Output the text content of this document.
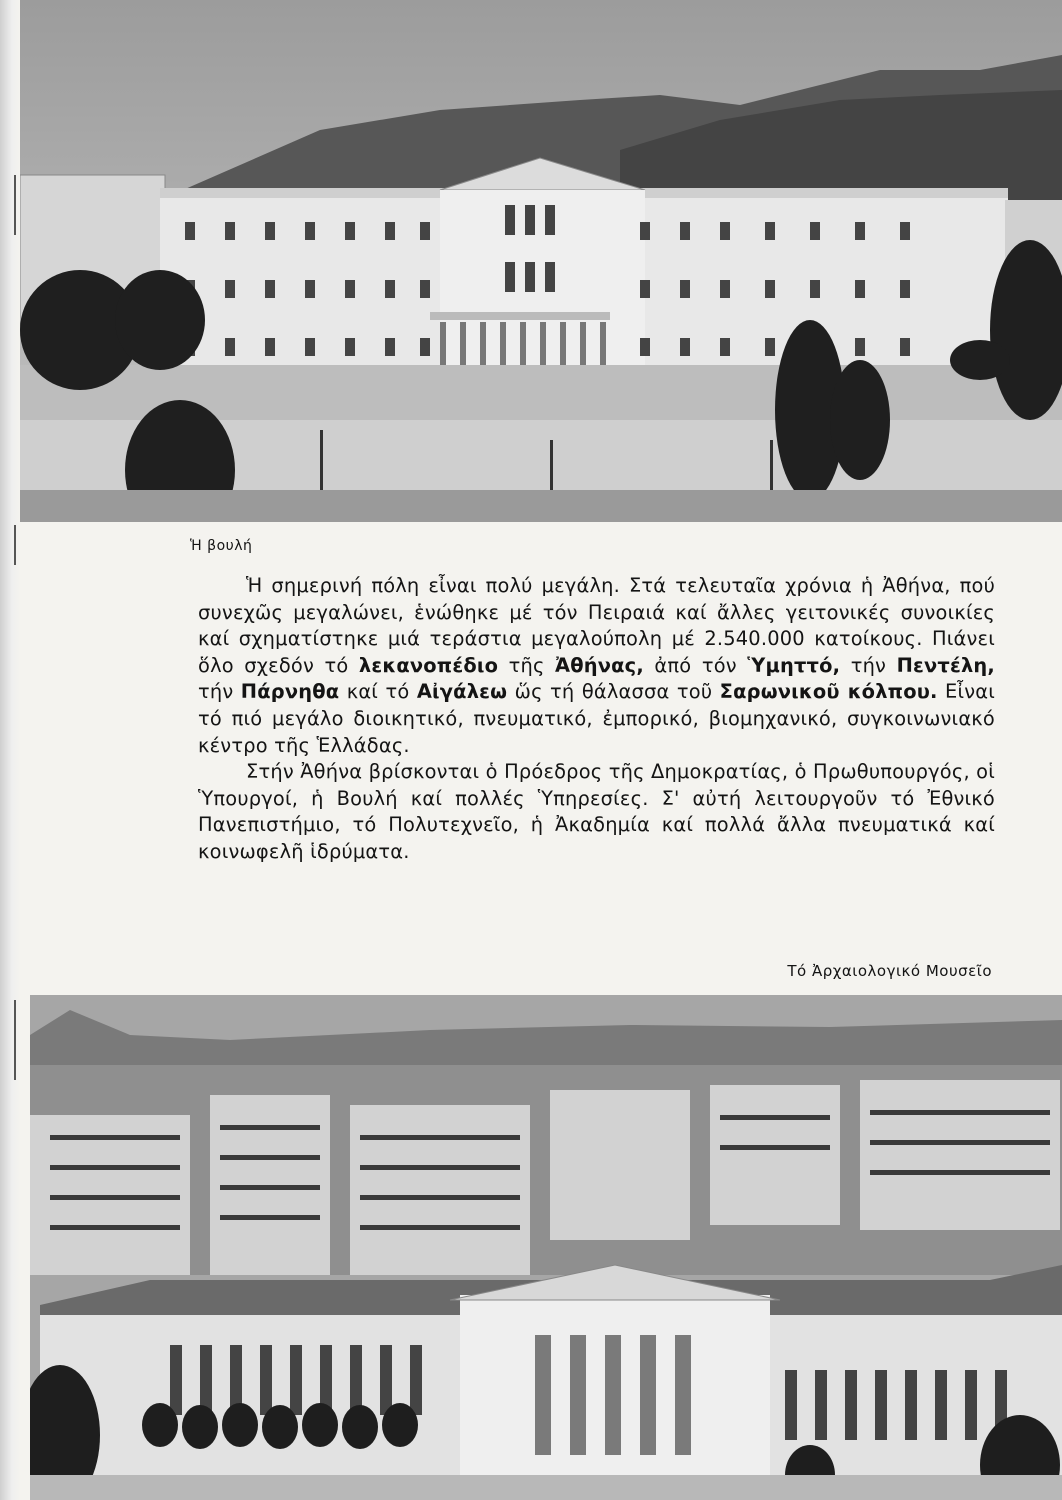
Ἡ βουλή

Ἡ σημερινή πόλη εἶναι πολύ μεγάλη. Στά τελευταῖα χρόνια ἡ Ἀθήνα, πού συνεχῶς μεγαλώνει, ἑνώθηκε μέ τόν Πειραιά καί ἄλλες γειτονικές συνοικίες καί σχηματίστηκε μιά τεράστια μεγαλούπολη μέ 2.540.000 κατοίκους. Πιάνει ὅλο σχεδόν τό λεκανοπέδιο τῆς Ἀθήνας, ἀπό τόν Ὑμηττό, τήν Πεντέλη, τήν Πάρνηθα καί τό Αἰγάλεω ὥς τή θάλασσα τοῦ Σαρωνικοῦ κόλπου. Εἶναι τό πιό μεγάλο διοικητικό, πνευματικό, ἐμπορικό, βιομηχανικό, συγκοινωνιακό κέντρο τῆς Ἑλλάδας.

Στήν Ἀθήνα βρίσκονται ὁ Πρόεδρος τῆς Δημοκρατίας, ὁ Πρωθυπουργός, οἱ Ὑπουργοί, ἡ Βουλή καί πολλές Ὑπηρεσίες. Σ' αὐτή λειτουργοῦν τό Ἐθνικό Πανεπιστήμιο, τό Πολυτεχνεῖο, ἡ Ἀκαδημία καί πολλά ἄλλα πνευματικά καί κοινωφελῆ ἱδρύματα.

Τό Ἀρχαιολογικό Μουσεῖο
